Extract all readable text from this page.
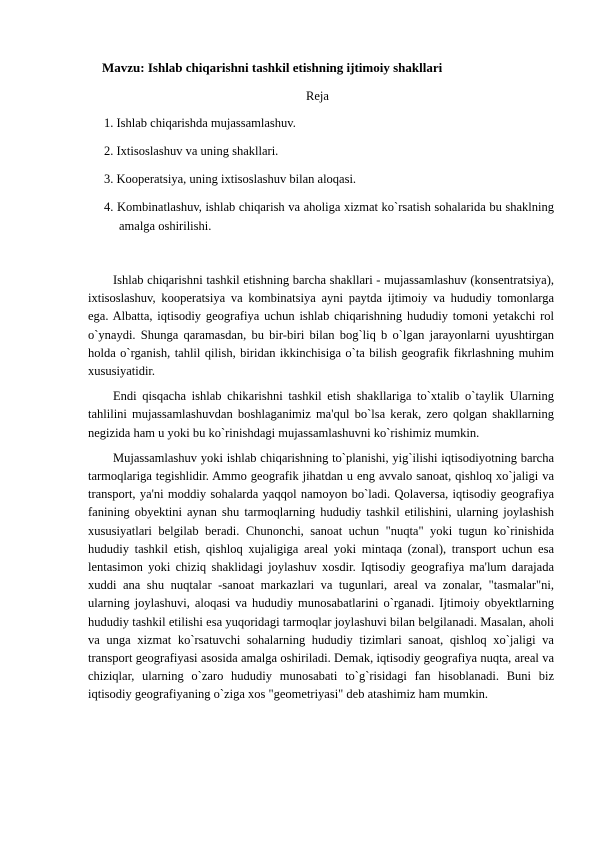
Mavzu: Ishlab chiqarishni tashkil etishning ijtimoiy shakllari
Reja
1. Ishlab chiqarishda mujassamlashuv.
2. Ixtisoslashuv va uning shakllari.
3. Kooperatsiya, uning ixtisoslashuv bilan aloqasi.
4. Kombinatlashuv, ishlab chiqarish va aholiga xizmat ko`rsatish sohalarida bu shaklning amalga oshirilishi.

Ishlab chiqarishni tashkil etishning barcha shakllari - mujassamlashuv (konsentratsiya), ixtisoslashuv, kooperatsiya va kombinatsiya ayni paytda ijtimoiy va hududiy tomonlarga ega. Albatta, iqtisodiy geografiya uchun ishlab chiqarishning hududiy tomoni yetakchi rol o`ynaydi. Shunga qaramasdan, bu bir-biri bilan bog`liq b o`lgan jarayonlarni uyushtirgan holda o`rganish, tahlil qilish, biridan ikkinchisiga o`ta bilish geografik fikrlashning muhim xususiyatidir.

Endi qisqacha ishlab chikarishni tashkil etish shakllariga to`xtalib o`taylik Ularning tahlilini mujassamlashuvdan boshlaganimiz ma'qul bo`lsa kerak, zero qolgan shakllarning negizida ham u yoki bu ko`rinishdagi mujassamlashuvni ko`rishimiz mumkin.

Mujassamlashuv yoki ishlab chiqarishning to`planishi, yig`ilishi iqtisodiyotning barcha tarmoqlariga tegishlidir. Ammo geografik jihatdan u eng avvalo sanoat, qishloq xo`jaligi va transport, ya'ni moddiy sohalarda yaqqol namoyon bo`ladi. Qolaversa, iqtisodiy geografiya fanining obyektini aynan shu tarmoqlarning hududiy tashkil etilishini, ularning joylashish xususiyatlari belgilab beradi. Chunonchi, sanoat uchun "nuqta" yoki tugun ko`rinishida hududiy tashkil etish, qishloq xujaligiga areal yoki mintaqa (zonal), transport uchun esa lentasimon yoki chiziq shaklidagi joylashuv xosdir. Iqtisodiy geografiya ma'lum darajada xuddi ana shu nuqtalar -sanoat markazlari va tugunlari, areal va zonalar, "tasmalar"ni, ularning joylashuvi, aloqasi va hududiy munosabatlarini o`rganadi. Ijtimoiy obyektlarning hududiy tashkil etilishi esa yuqoridagi tarmoqlar joylashuvi bilan belgilanadi. Masalan, aholi va unga xizmat ko`rsatuvchi sohalarning hududiy tizimlari sanoat, qishloq xo`jaligi va transport geografiyasi asosida amalga oshiriladi. Demak, iqtisodiy geografiya nuqta, areal va chiziqlar, ularning o`zaro hududiy munosabati to`g`risidagi fan hisoblanadi. Buni biz iqtisodiy geografiyaning o`ziga xos "geometriyasi" deb atashimiz ham mumkin.
